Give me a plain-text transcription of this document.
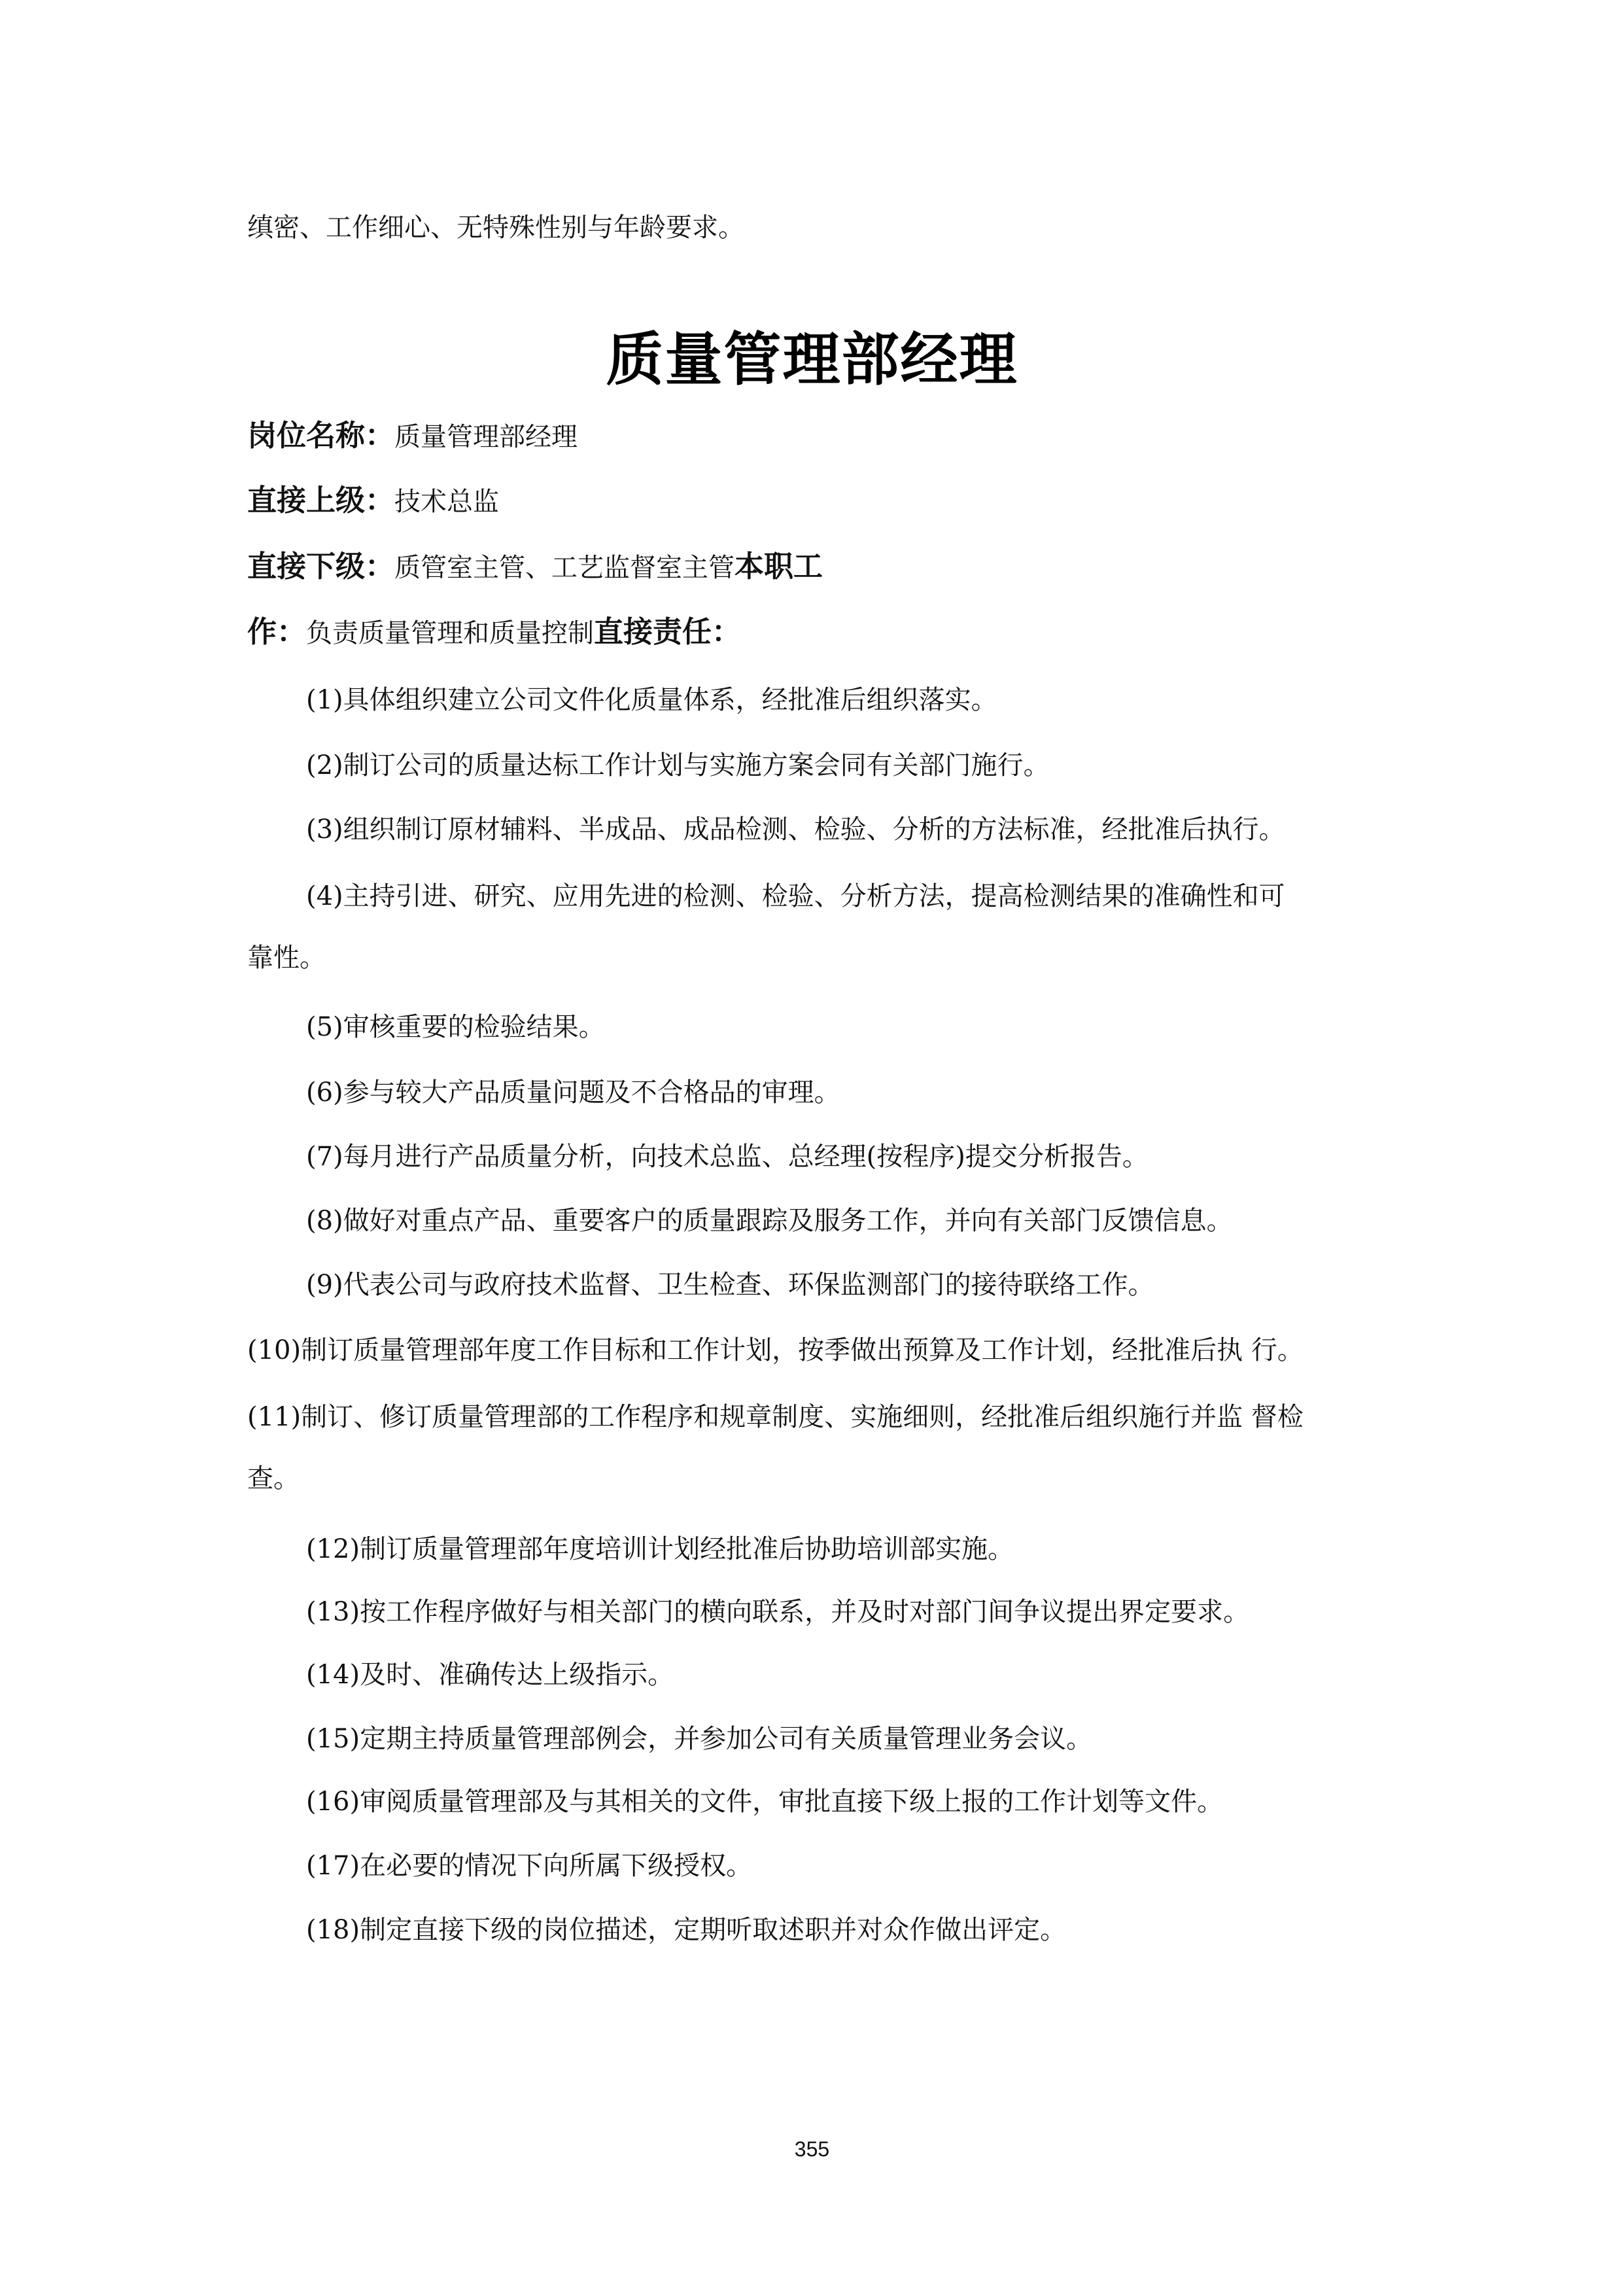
缜密、工作细心、无特殊性别与年龄要求。
质量管理部经理
岗位名称：质量管理部经理
直接上级：技术总监
直接下级：质管室主管、工艺监督室主管本职工
作：负责质量管理和质量控制直接责任：
(1)具体组织建立公司文件化质量体系，经批准后组织落实。
(2)制订公司的质量达标工作计划与实施方案会同有关部门施行。
(3)组织制订原材辅料、半成品、成品检测、检验、分析的方法标准，经批准后执行。
(4)主持引进、研究、应用先进的检测、检验、分析方法，提高检测结果的准确性和可
靠性。
(5)审核重要的检验结果。
(6)参与较大产品质量问题及不合格品的审理。
(7)每月进行产品质量分析，向技术总监、总经理(按程序)提交分析报告。
(8)做好对重点产品、重要客户的质量跟踪及服务工作，并向有关部门反馈信息。
(9)代表公司与政府技术监督、卫生检查、环保监测部门的接待联络工作。
(10)制订质量管理部年度工作目标和工作计划，按季做出预算及工作计划，经批准后执 行。
(11)制订、修订质量管理部的工作程序和规章制度、实施细则，经批准后组织施行并监 督检
查。
(12)制订质量管理部年度培训计划经批准后协助培训部实施。
(13)按工作程序做好与相关部门的横向联系，并及时对部门间争议提出界定要求。
(14)及时、准确传达上级指示。
(15)定期主持质量管理部例会，并参加公司有关质量管理业务会议。
(16)审阅质量管理部及与其相关的文件，审批直接下级上报的工作计划等文件。
(17)在必要的情况下向所属下级授权。
(18)制定直接下级的岗位描述，定期听取述职并对众作做出评定。
355
